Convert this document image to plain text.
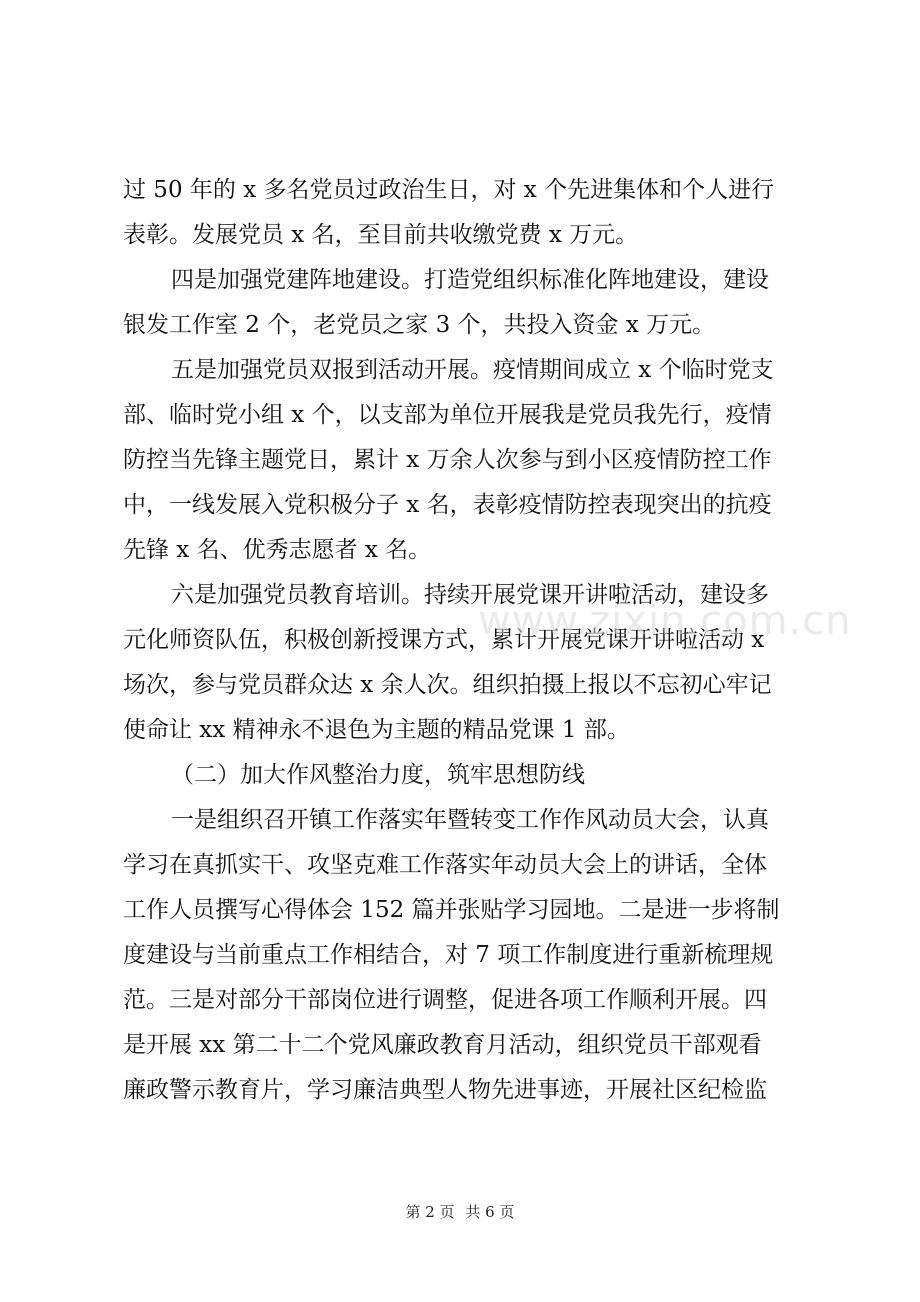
过 50 年的 x 多名党员过政治生日，对 x 个先进集体和个人进行
表彰。发展党员 x 名，至目前共收缴党费 x 万元。
四是加强党建阵地建设。打造党组织标准化阵地建设，建设
银发工作室 2 个，老党员之家 3 个，共投入资金 x 万元。
五是加强党员双报到活动开展。疫情期间成立 x 个临时党支
部、临时党小组 x 个，以支部为单位开展我是党员我先行，疫情
防控当先锋主题党日，累计 x 万余人次参与到小区疫情防控工作
中，一线发展入党积极分子 x 名，表彰疫情防控表现突出的抗疫
先锋 x 名、优秀志愿者 x 名。
六是加强党员教育培训。持续开展党课开讲啦活动，建设多
元化师资队伍，积极创新授课方式，累计开展党课开讲啦活动 x
场次，参与党员群众达 x 余人次。组织拍摄上报以不忘初心牢记
使命让 xx 精神永不退色为主题的精品党课 1 部。
（二）加大作风整治力度，筑牢思想防线
一是组织召开镇工作落实年暨转变工作作风动员大会，认真
学习在真抓实干、攻坚克难工作落实年动员大会上的讲话，全体
工作人员撰写心得体会 152 篇并张贴学习园地。二是进一步将制
度建设与当前重点工作相结合，对 7 项工作制度进行重新梳理规
范。三是对部分干部岗位进行调整，促进各项工作顺利开展。四
是开展 xx 第二十二个党风廉政教育月活动，组织党员干部观看
廉政警示教育片，学习廉洁典型人物先进事迹，开展社区纪检监
www.zixin.com.cn
第 2 页 共 6 页
